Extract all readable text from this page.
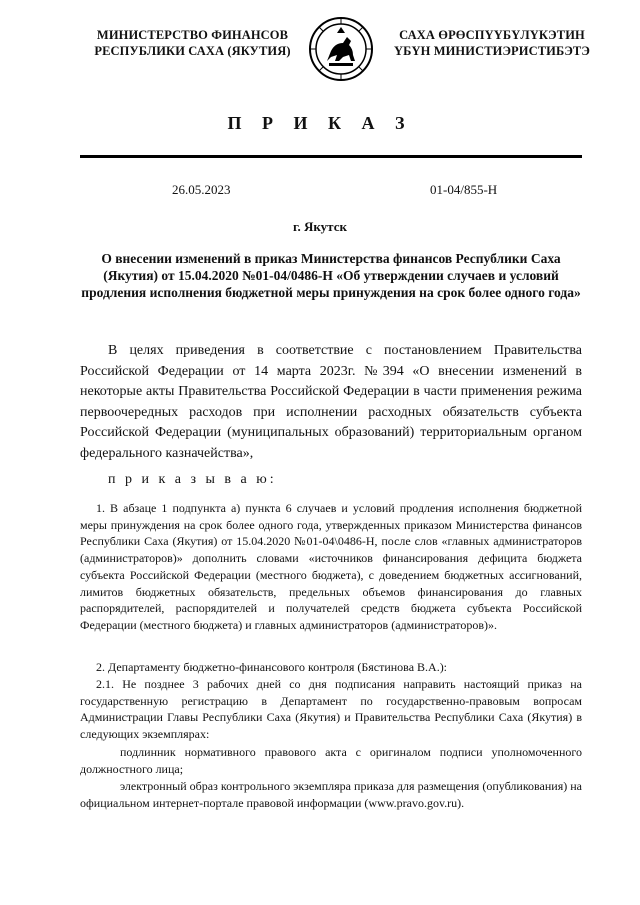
МИНИСТЕРСТВО ФИНАНСОВ
РЕСПУБЛИКИ САХА (ЯКУТИЯ)
САХА ӨРӨСПYYБYЛYКЭТИН
YБYН МИНИСТИЭРИСТИБЭТЭ
П Р И К А З
26.05.2023	01-04/855-Н
г. Якутск
О внесении изменений в приказ Министерства финансов Республики Саха (Якутия) от 15.04.2020 №01-04/0486-Н «Об утверждении случаев и условий продления исполнения бюджетной меры принуждения на срок более одного года»
В целях приведения в соответствие с постановлением Правительства Российской Федерации от 14 марта 2023г. №394 «О внесении изменений в некоторые акты Правительства Российской Федерации в части применения режима первоочередных расходов при исполнении расходных обязательств субъекта Российской Федерации (муниципальных образований) территориальным органом федерального казначейства»,
п р и к а з ы в а ю:
1. В абзаце 1 подпункта а) пункта 6 случаев и условий продления исполнения бюджетной меры принуждения на срок более одного года, утвержденных приказом Министерства финансов Республики Саха (Якутия) от 15.04.2020 №01-04\0486-Н, после слов «главных администраторов (администраторов)» дополнить словами «источников финансирования дефицита бюджета субъекта Российской Федерации (местного бюджета), с доведением бюджетных ассигнований, лимитов бюджетных обязательств, предельных объемов финансирования до главных распорядителей, распорядителей и получателей средств бюджета субъекта Российской Федерации (местного бюджета) и главных администраторов (администраторов)».
2. Департаменту бюджетно-финансового контроля (Бястинова В.А.):
2.1. Не позднее 3 рабочих дней со дня подписания направить настоящий приказ на государственную регистрацию в Департамент по государственно-правовым вопросам Администрации Главы Республики Саха (Якутия) и Правительства Республики Саха (Якутия) в следующих экземплярах:
подлинник нормативного правового акта с оригиналом подписи уполномоченного должностного лица;
электронный образ контрольного экземпляра приказа для размещения (опубликования) на официальном интернет-портале правовой информации (www.pravo.gov.ru).
